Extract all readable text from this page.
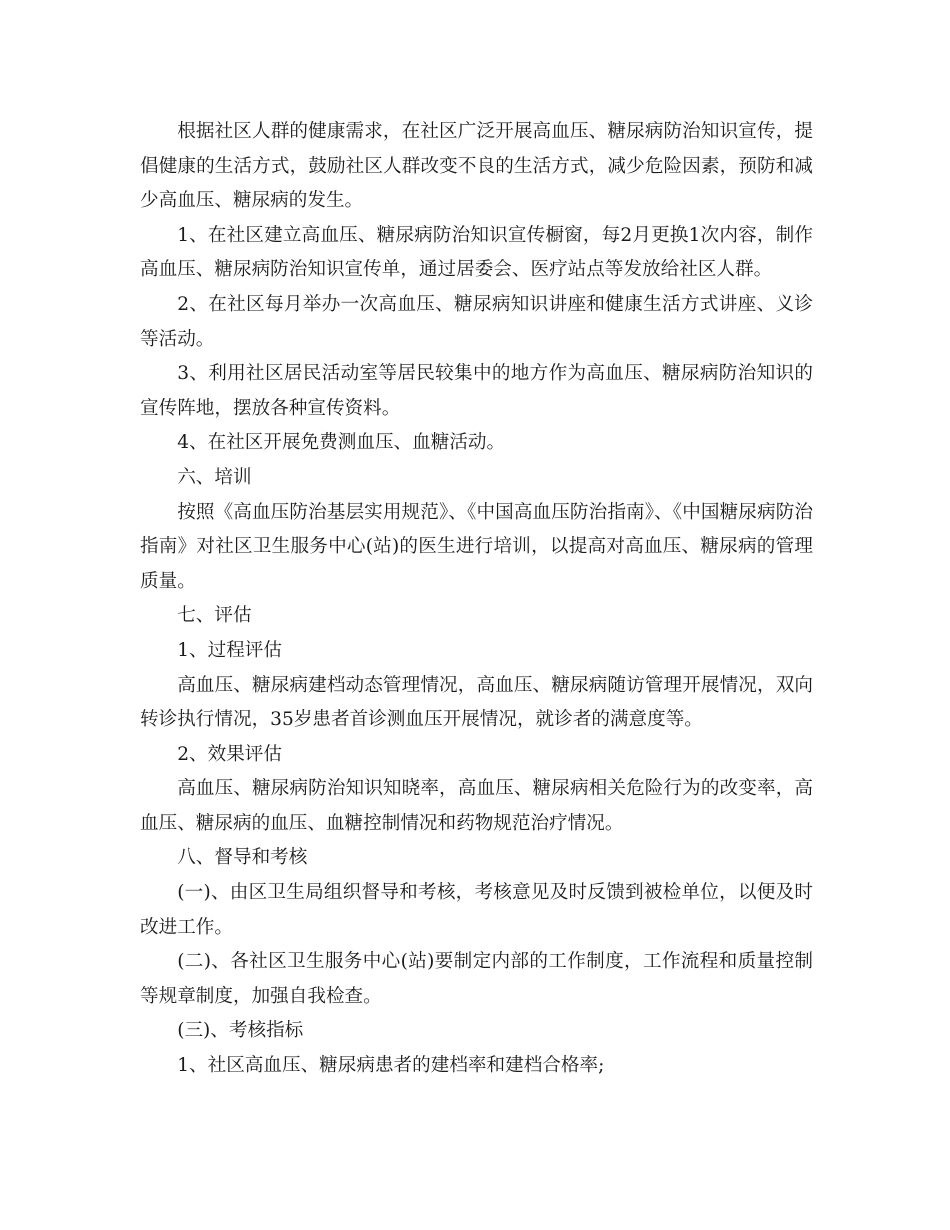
根据社区人群的健康需求，在社区广泛开展高血压、糖尿病防治知识宣传，提倡健康的生活方式，鼓励社区人群改变不良的生活方式，减少危险因素，预防和减少高血压、糖尿病的发生。

1、在社区建立高血压、糖尿病防治知识宣传橱窗，每2月更换1次内容，制作高血压、糖尿病防治知识宣传单，通过居委会、医疗站点等发放给社区人群。

2、在社区每月举办一次高血压、糖尿病知识讲座和健康生活方式讲座、义诊等活动。

3、利用社区居民活动室等居民较集中的地方作为高血压、糖尿病防治知识的宣传阵地，摆放各种宣传资料。

4、在社区开展免费测血压、血糖活动。

六、培训

按照《高血压防治基层实用规范》、《中国高血压防治指南》、《中国糖尿病防治指南》对社区卫生服务中心(站)的医生进行培训，以提高对高血压、糖尿病的管理质量。

七、评估

1、过程评估

高血压、糖尿病建档动态管理情况，高血压、糖尿病随访管理开展情况，双向转诊执行情况，35岁患者首诊测血压开展情况，就诊者的满意度等。

2、效果评估

高血压、糖尿病防治知识知晓率，高血压、糖尿病相关危险行为的改变率，高血压、糖尿病的血压、血糖控制情况和药物规范治疗情况。

八、督导和考核

(一)、由区卫生局组织督导和考核，考核意见及时反馈到被检单位，以便及时改进工作。

(二)、各社区卫生服务中心(站)要制定内部的工作制度，工作流程和质量控制等规章制度，加强自我检查。

(三)、考核指标

1、社区高血压、糖尿病患者的建档率和建档合格率;
